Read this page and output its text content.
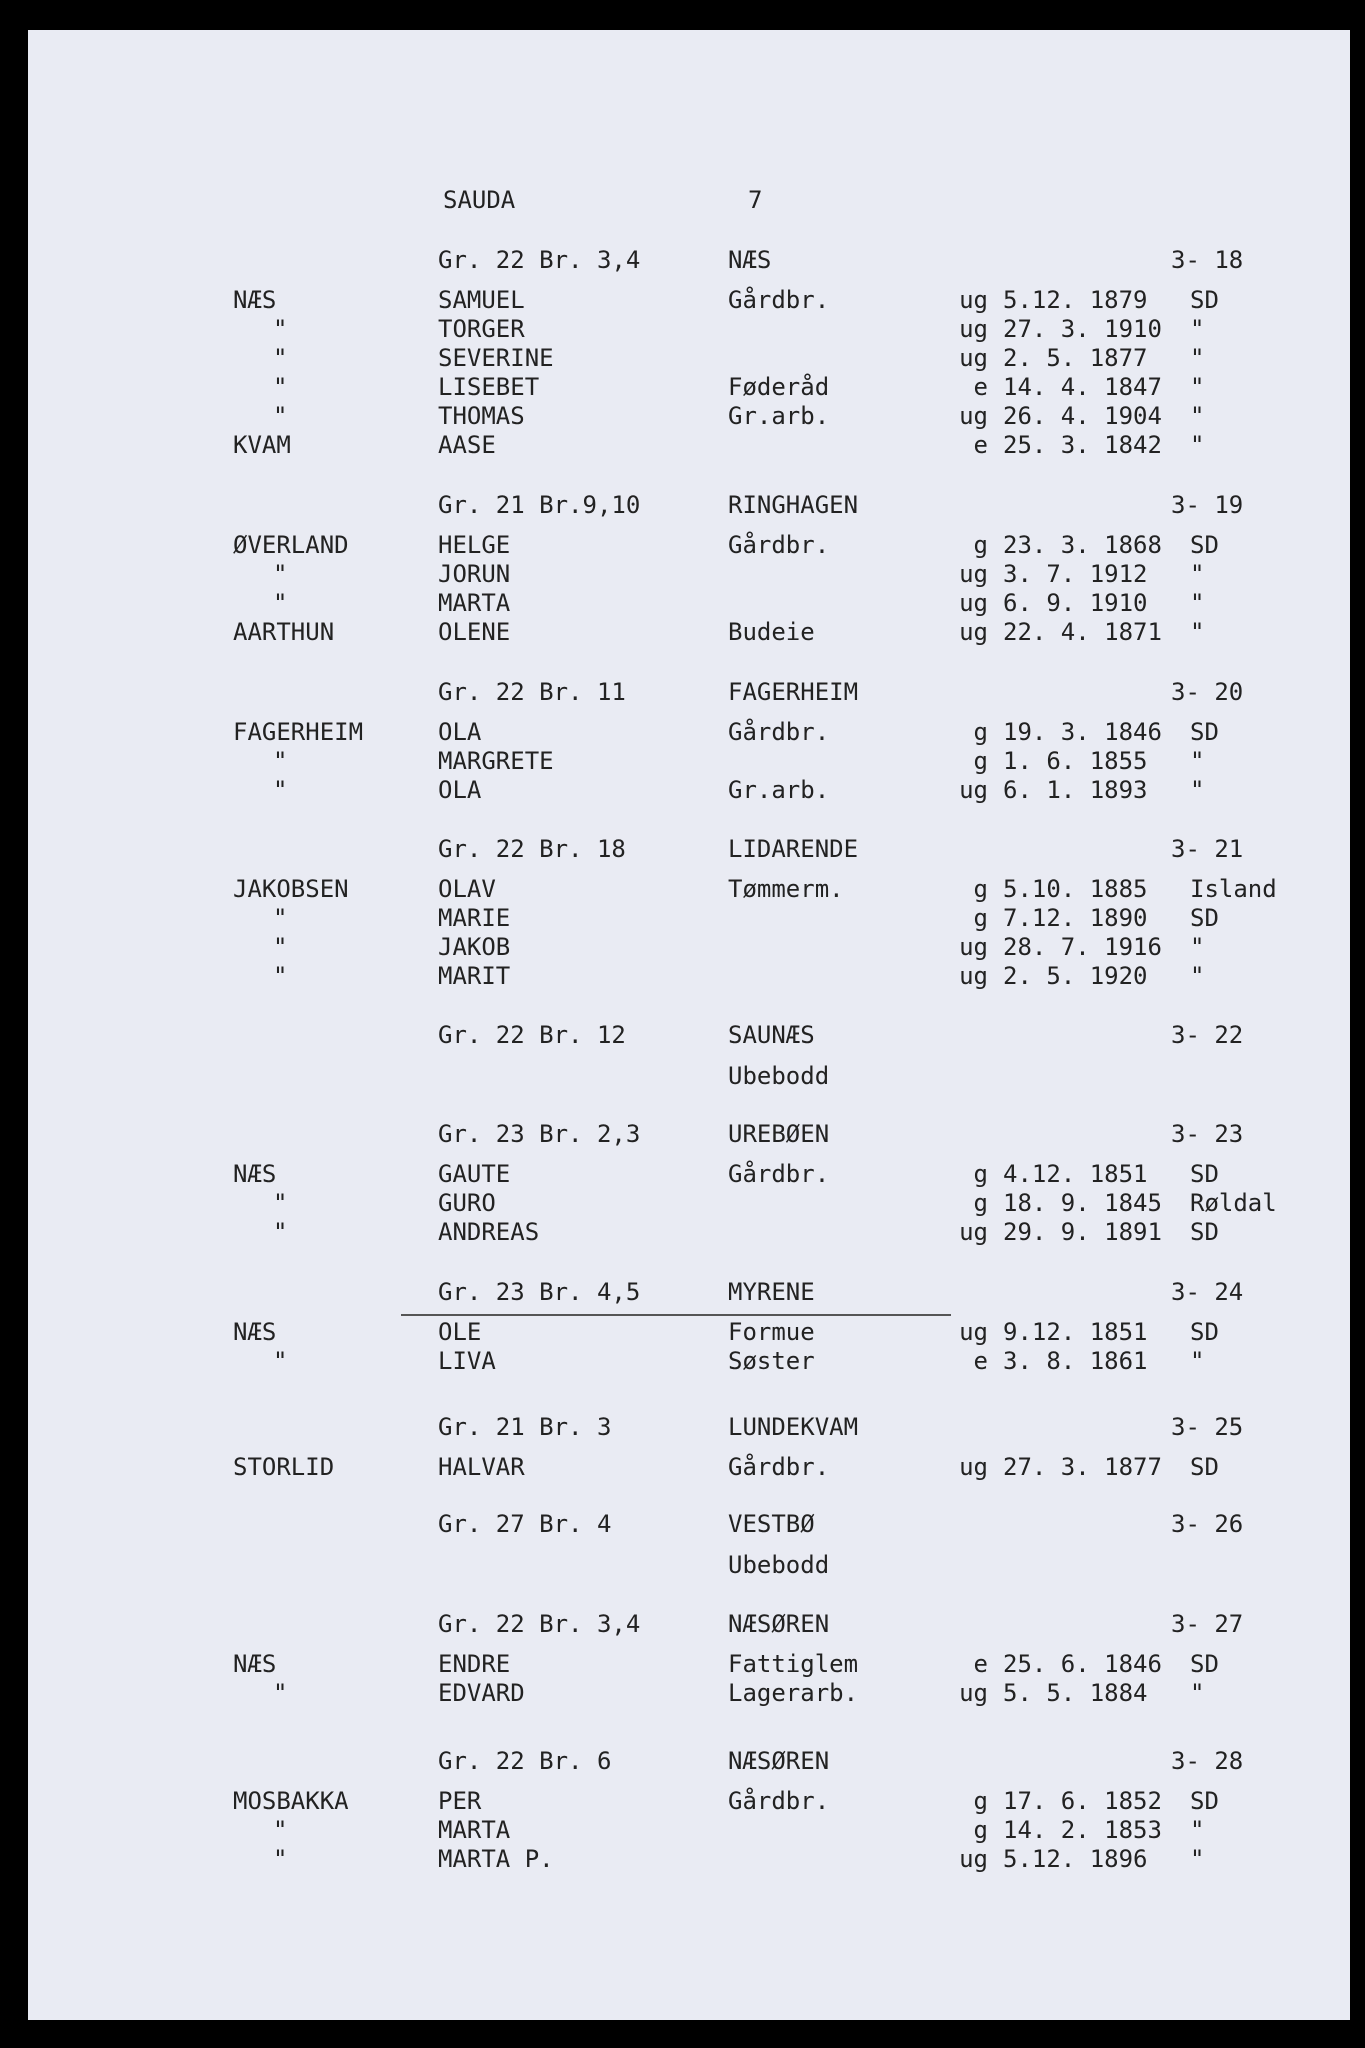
SAUDA

	7

Gr. 22 Br. 3,4	NÆS	3- 18
NÆS	SAMUEL	Gårdbr.	ug 5.12. 1879 SD
"	TORGER	ug 27. 3. 1910 "
"	SEVERINE	ug 2. 5. 1877 "
"	LISEBET	Føderåd	e 14. 4. 1847 "
"	THOMAS	Gr.arb.	ug 26. 4. 1904 "
KVAM	AASE	e 25. 3. 1842 "
Gr. 21 Br.9,10	RINGHAGEN	3- 19
ØVERLAND	HELGE	Gårdbr.	g 23. 3. 1868 SD
"	JORUN	ug 3. 7. 1912 "
"	MARTA	ug 6. 9. 1910 "
AARTHUN	OLENE	Budeie	ug 22. 4. 1871 "
Gr. 22 Br. 11	FAGERHEIM	3- 20
FAGERHEIM	OLA	Gårdbr.	g 19. 3. 1846 SD
"	MARGRETE	g 1. 6. 1855 "
"	OLA	Gr.arb.	ug 6. 1. 1893 "
Gr. 22 Br. 18	LIDARENDE	3- 21
JAKOBSEN	OLAV	Tømmerm.	g 5.10. 1885 Island
"	MARIE	g 7.12. 1890 SD
"	JAKOB	ug 28. 7. 1916 "
"	MARIT	ug 2. 5. 1920 "
Gr. 22 Br. 12	SAUNÆS	3- 22
Ubebodd
Gr. 23 Br. 2,3	UREBØEN	3- 23
NÆS	GAUTE	Gårdbr.	g 4.12. 1851 SD
"	GURO	g 18. 9. 1845 Røldal
"	ANDREAS	ug 29. 9. 1891 SD
Gr. 23 Br. 4,5	MYRENE	3- 24
NÆS	OLE	Formue	ug 9.12. 1851 SD
"	LIVA	Søster	e 3. 8. 1861 "
Gr. 21 Br. 3	LUNDEKVAM	3- 25
STORLID	HALVAR	Gårdbr.	ug 27. 3. 1877 SD
Gr. 27 Br. 4	VESTBØ	3- 26
Ubebodd
Gr. 22 Br. 3,4	NÆSØREN	3- 27
NÆS	ENDRE	Fattiglem	e 25. 6. 1846 SD
"	EDVARD	Lagerarb.	ug 5. 5. 1884 "
Gr. 22 Br. 6	NÆSØREN	3- 28
MOSBAKKA	PER	Gårdbr.	g 17. 6. 1852 SD
"	MARTA	g 14. 2. 1853 "
"	MARTA P.	ug 5.12. 1896 "
